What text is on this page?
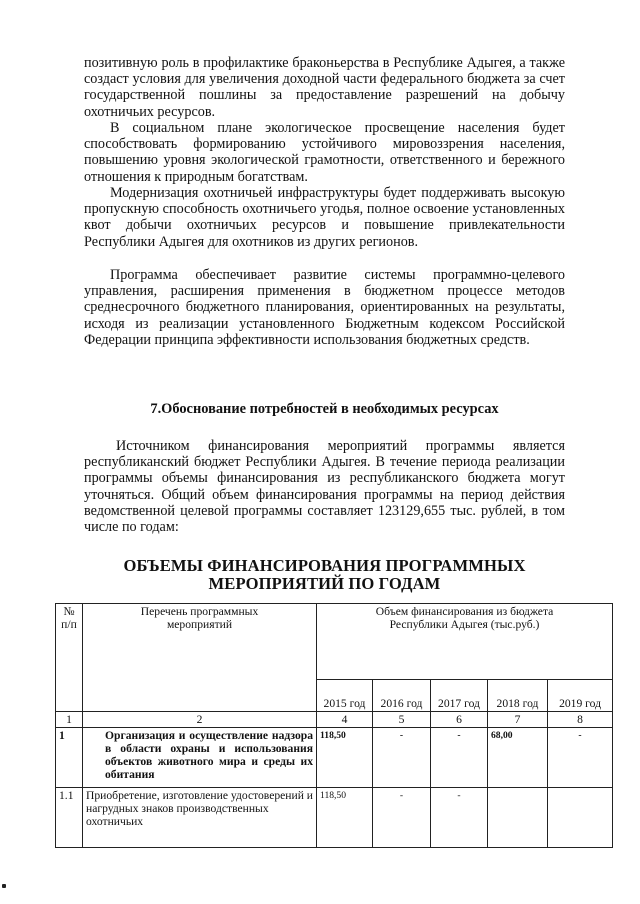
позитивную роль в профилактике браконьерства в Республике Адыгея, а также создаст условия для увеличения доходной части федерального бюджета за счет государственной пошлины за предоставление разрешений на добычу охотничьих ресурсов.

В социальном плане экологическое просвещение населения будет способствовать формированию устойчивого мировоззрения населения, повышению уровня экологической грамотности, ответственного и бережного отношения к природным богатствам.

Модернизация охотничьей инфраструктуры будет поддерживать высокую пропускную способность охотничьего угодья, полное освоение установленных квот добычи охотничьих ресурсов и повышение привлекательности Республики Адыгея для охотников из других регионов.

Программа обеспечивает развитие системы программно-целевого управления, расширения применения в бюджетном процессе методов среднесрочного бюджетного планирования, ориентированных на результаты, исходя из реализации установленного Бюджетным кодексом Российской Федерации принципа эффективности использования бюджетных средств.

7.Обоснование потребностей в необходимых ресурсах

Источником финансирования мероприятий программы является республиканский бюджет Республики Адыгея. В течение периода реализации программы объемы финансирования из республиканского бюджета могут уточняться. Общий объем финансирования программы на период действия ведомственной целевой программы составляет 123129,655 тыс. рублей, в том числе по годам:

ОБЪЕМЫ ФИНАНСИРОВАНИЯ ПРОГРАММНЫХ

МЕРОПРИЯТИЙ ПО ГОДАМ

№ п/п	Перечень программных мероприятий	Объем финансирования из бюджета Республики Адыгея (тыс.руб.)				
		2015 год	2016 год	2017 год	2018 год	2019 год
1	2	4	5	6	7	8
1	Организация и осуществление надзора в области охраны и использования объектов животного мира и среды их обитания	118,50	-	-	68,00	-
1.1	Приобретение, изготовление удостоверений и нагрудных знаков производственных охотничьих	118,50	-	-		
